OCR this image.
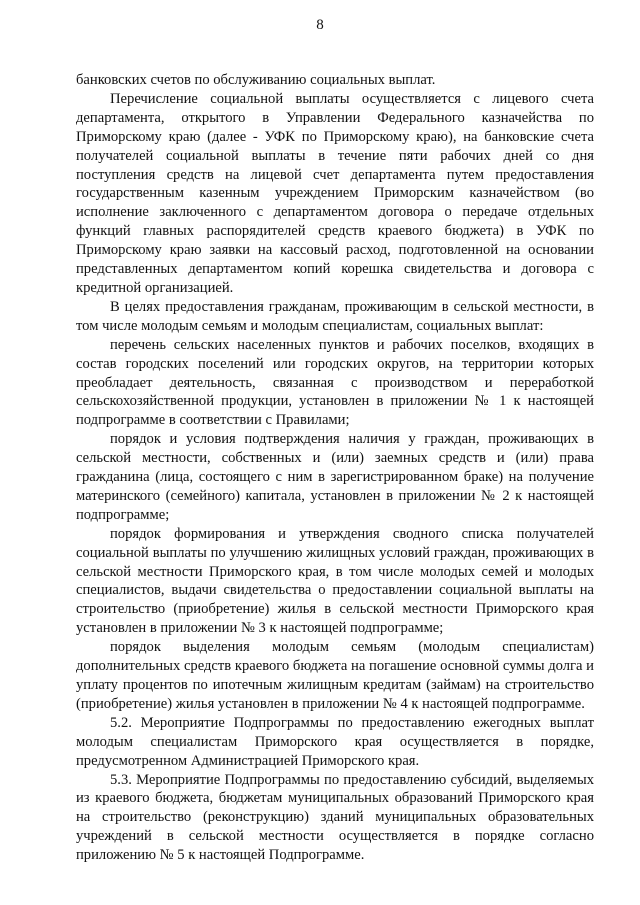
8

банковских счетов по обслуживанию социальных выплат.

Перечисление социальной выплаты осуществляется с лицевого счета департамента, открытого в Управлении Федерального казначейства по Приморскому краю (далее - УФК по Приморскому краю), на банковские счета получателей социальной выплаты в течение пяти рабочих дней со дня поступления средств на лицевой счет департамента путем предоставления государственным казенным учреждением Приморским казначейством (во исполнение заключенного с департаментом договора о передаче отдельных функций главных распорядителей средств краевого бюджета) в УФК по Приморскому краю заявки на кассовый расход, подготовленной на основании представленных департаментом копий корешка свидетельства и договора с кредитной организацией.

В целях предоставления гражданам, проживающим в сельской местности, в том числе молодым семьям и молодым специалистам, социальных выплат:

перечень сельских населенных пунктов и рабочих поселков, входящих в состав городских поселений или городских округов, на территории которых преобладает деятельность, связанная с производством и переработкой сельскохозяйственной продукции, установлен в приложении № 1 к настоящей подпрограмме в соответствии с Правилами;

порядок и условия подтверждения наличия у граждан, проживающих в сельской местности, собственных и (или) заемных средств и (или) права гражданина (лица, состоящего с ним в зарегистрированном браке) на получение материнского (семейного) капитала, установлен в приложении № 2 к настоящей подпрограмме;

порядок формирования и утверждения сводного списка получателей социальной выплаты по улучшению жилищных условий граждан, проживающих в сельской местности Приморского края, в том числе молодых семей и молодых специалистов, выдачи свидетельства о предоставлении социальной выплаты на строительство (приобретение) жилья в сельской местности Приморского края установлен в приложении № 3 к настоящей подпрограмме;

порядок выделения молодым семьям (молодым специалистам) дополнительных средств краевого бюджета на погашение основной суммы долга и уплату процентов по ипотечным жилищным кредитам (займам) на строительство (приобретение) жилья установлен в приложении № 4 к настоящей подпрограмме.

5.2. Мероприятие Подпрограммы по предоставлению ежегодных выплат молодым специалистам Приморского края осуществляется в порядке, предусмотренном Администрацией Приморского края.

5.3. Мероприятие Подпрограммы по предоставлению субсидий, выделяемых из краевого бюджета, бюджетам муниципальных образований Приморского края на строительство (реконструкцию) зданий муниципальных образовательных учреждений в сельской местности осуществляется в порядке согласно приложению № 5 к настоящей Подпрограмме.
